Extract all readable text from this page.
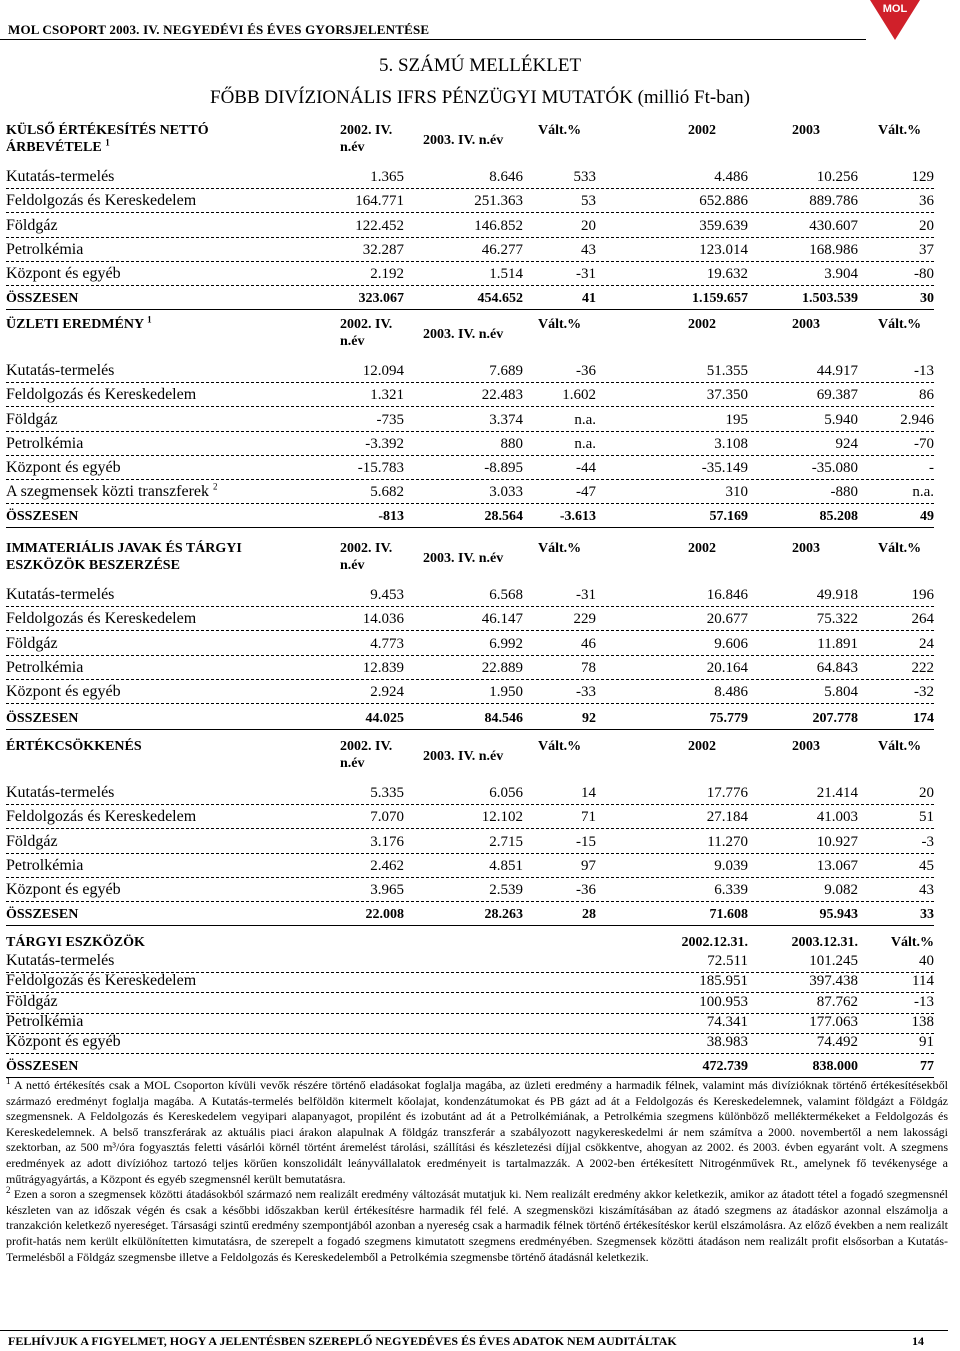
MOL CSOPORT 2003. IV. NEGYEDÉVI ÉS ÉVES GYORSJELENTÉSE
MOL
5. SZÁMÚ MELLÉKLET
FŐBB DIVÍZIONÁLIS IFRS PÉNZÜGYI MUTATÓK (millió Ft-ban)
KÜLSŐ ÉRTÉKESÍTÉS NETTÓ
ÁRBEVÉTELE $^1$
2002. IV. n.év	2003. IV. n.év
Vált.%	2002	2003	Vált.%
Kutatás-termelés	1.365	8.646	533	4.486	10.256	129
Feldolgozás és Kereskedelem	164.771	251.363	53	652.886	889.786	36
Földgáz	122.452	146.852	20	359.639	430.607	20
Petrolkémia	32.287	46.277	43	123.014	168.986	37
Központ és egyéb	2.192	1.514	-31	19.632	3.904	-80
ÖSSZESEN	323.067	454.652	41	1.159.657	1.503.539	30
ÜZLETI EREDMÉNY $^1$	2002. IV. n.év	2003. IV. n.év
Vált.%	2002	2003	Vált.%
Kutatás-termelés	12.094	7.689	-36	51.355	44.917	-13
Feldolgozás és Kereskedelem	1.321	22.483	1.602	37.350	69.387	86
Földgáz	-735	3.374	n.a.	195	5.940	2.946
Petrolkémia	-3.392	880	n.a.	3.108	924	-70
Központ és egyéb	-15.783	-8.895	-44	-35.149	-35.080	-
A szegmensek közti transzferek $^2$	5.682	3.033	-47	310	-880	n.a.
ÖSSZESEN	-813	28.564	-3.613	57.169	85.208	49
IMMATERIÁLIS JAVAK ÉS TÁRGYI
ESZKÖZÖK BESZERZÉSE
2002. IV. n.év	2003. IV. n.év
Vált.%	2002	2003	Vált.%
Kutatás-termelés	9.453	6.568	-31	16.846	49.918	196
Feldolgozás és Kereskedelem	14.036	46.147	229	20.677	75.322	264
Földgáz	4.773	6.992	46	9.606	11.891	24
Petrolkémia	12.839	22.889	78	20.164	64.843	222
Központ és egyéb	2.924	1.950	-33	8.486	5.804	-32
ÖSSZESEN	44.025	84.546	92	75.779	207.778	174
ÉRTÉKCSÖKKENÉS	2002. IV. n.év	2003. IV. n.év
Vált.%	2002	2003	Vált.%
Kutatás-termelés	5.335	6.056	14	17.776	21.414	20
Feldolgozás és Kereskedelem	7.070	12.102	71	27.184	41.003	51
Földgáz	3.176	2.715	-15	11.270	10.927	-3
Petrolkémia	2.462	4.851	97	9.039	13.067	45
Központ és egyéb	3.965	2.539	-36	6.339	9.082	43
ÖSSZESEN	22.008	28.263	28	71.608	95.943	33
TÁRGYI ESZKÖZÖK	2002.12.31.	2003.12.31.	Vált.%
Kutatás-termelés	72.511	101.245	40
Feldolgozás és Kereskedelem	185.951	397.438	114
Földgáz	100.953	87.762	-13
Petrolkémia	74.341	177.063	138
Központ és egyéb	38.983	74.492	91
ÖSSZESEN	472.739	838.000	77

$^1$ A nettó értékesítés csak a MOL Csoporton kívüli vevők részére történő eladásokat foglalja magába, az üzleti eredmény a harmadik félnek, valamint más divízióknak történő értékesítésekből származó eredményt foglalja magába. A Kutatás-termelés belföldön kitermelt kőolajat, kondenzátumokat és PB gázt ad át a Feldolgozás és Kereskedelemnek, valamint földgázt a Földgáz szegmensnek. A Feldolgozás és Kereskedelem vegyipari alapanyagot, propilént és izobutánt ad át a Petrolkémiának, a Petrolkémia szegmens különböző melléktermékeket a Feldolgozás és Kereskedelemnek. A belső transzferárak az aktuális piaci árakon alapulnak A földgáz transzferár a szabályozott nagykereskedelmi ár nem számítva a 2000. novembertől a nem lakossági szektorban, az 500 m³/óra fogyasztás feletti vásárlói körnél történt áremelést tárolási, szállítási és készletezési díjjal csökkentve, ahogyan az 2002. és 2003. évben egyaránt volt. A szegmens eredmények az adott divízióhoz tartozó teljes körűen konszolidált leányvállalatok eredményeit is tartalmazzák. A 2002-ben értékesített Nitrogénművek Rt., amelynek fő tevékenysége a műtrágyagyártás, a Központ és egyéb szegmensnél került bemutatásra.

$^2$ Ezen a soron a szegmensek közötti átadásokból származó nem realizált eredmény változását mutatjuk ki. Nem realizált eredmény akkor keletkezik, amikor az átadott tétel a fogadó szegmensnél készleten van az időszak végén és csak a későbbi időszakban kerül értékesítésre harmadik fél felé. A szegmensközi kiszámításában az átadó szegmens az átadáskor azonnal elszámolja a tranzakción keletkező nyereséget. Társasági szintű eredmény szempontjából azonban a nyereség csak a harmadik félnek történő értékesítéskor kerül elszámolásra. Az előző években a nem realizált profit-hatás nem került elkülönítetten kimutatásra, de szerepelt a fogadó szegmens kimutatott szegmens eredményében. Szegmensek közötti átadáson nem realizált profit elsősorban a Kutatás-Termelésből a Földgáz szegmensbe illetve a Feldolgozás és Kereskedelemből a Petrolkémia szegmensbe történő átadásnál keletkezik.

FELHÍVJUK A FIGYELMET, HOGY A JELENTÉSBEN SZEREPLŐ NEGYEDÉVES ÉS ÉVES ADATOK NEM AUDITÁLTAK	14
